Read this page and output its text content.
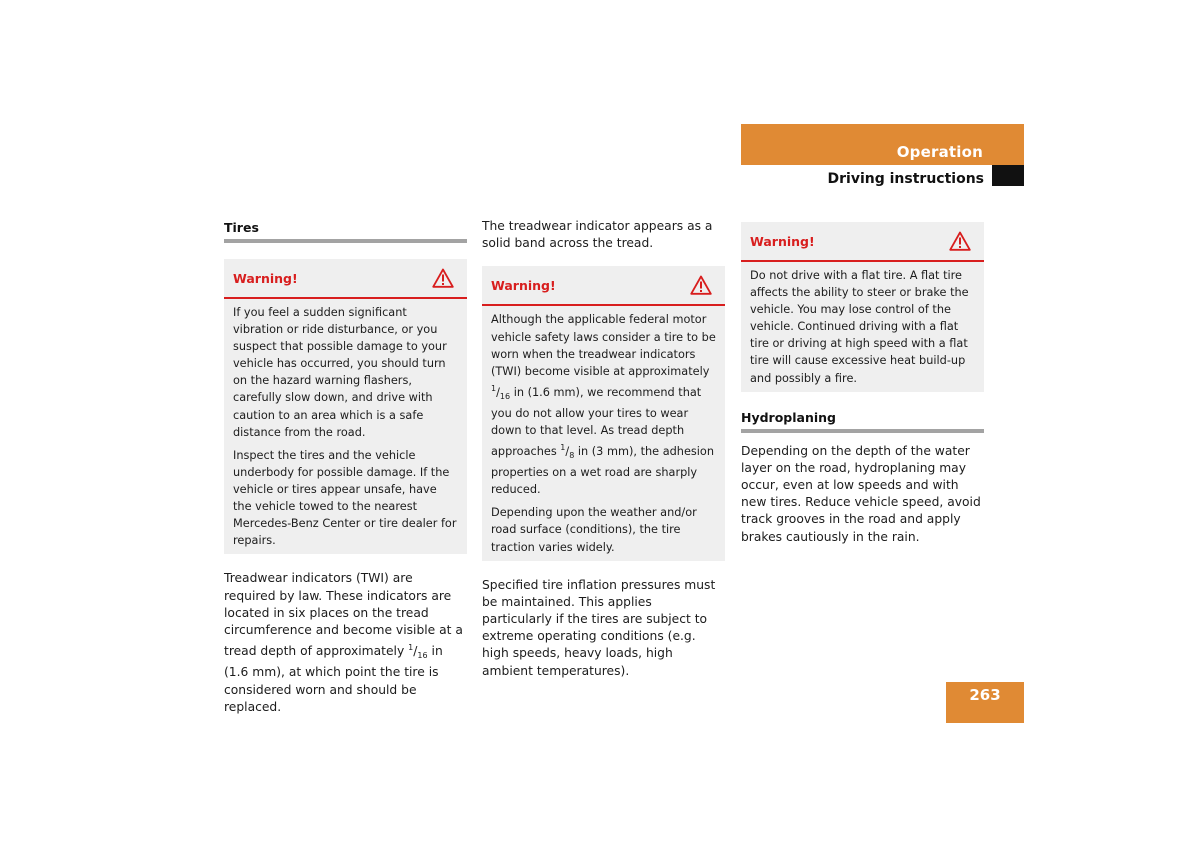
Operation
Driving instructions
Tires
Warning!

If you feel a sudden significant vibration or ride disturbance, or you suspect that possible damage to your vehicle has occurred, you should turn on the hazard warning flashers, carefully slow down, and drive with caution to an area which is a safe distance from the road.

Inspect the tires and the vehicle underbody for possible damage. If the vehicle or tires appear unsafe, have the vehicle towed to the nearest Mercedes-Benz Center or tire dealer for repairs.

Treadwear indicators (TWI) are required by law. These indicators are located in six places on the tread circumference and become visible at a tread depth of approximately $^1/_{16}$ in (1.6 mm), at which point the tire is considered worn and should be replaced.

The treadwear indicator appears as a solid band across the tread.

Warning!

Although the applicable federal motor vehicle safety laws consider a tire to be worn when the treadwear indicators (TWI) become visible at approximately $^1/_{16}$ in (1.6 mm), we recommend that you do not allow your tires to wear down to that level. As tread depth approaches $^1/_8$ in (3 mm), the adhesion properties on a wet road are sharply reduced.

Depending upon the weather and/or road surface (conditions), the tire traction varies widely.

Specified tire inflation pressures must be maintained. This applies particularly if the tires are subject to extreme operating conditions (e.g. high speeds, heavy loads, high ambient temperatures).

Warning!

Do not drive with a flat tire. A flat tire affects the ability to steer or brake the vehicle. You may lose control of the vehicle. Continued driving with a flat tire or driving at high speed with a flat tire will cause excessive heat build-up and possibly a fire.

Hydroplaning

Depending on the depth of the water layer on the road, hydroplaning may occur, even at low speeds and with new tires. Reduce vehicle speed, avoid track grooves in the road and apply brakes cautiously in the rain.

263
